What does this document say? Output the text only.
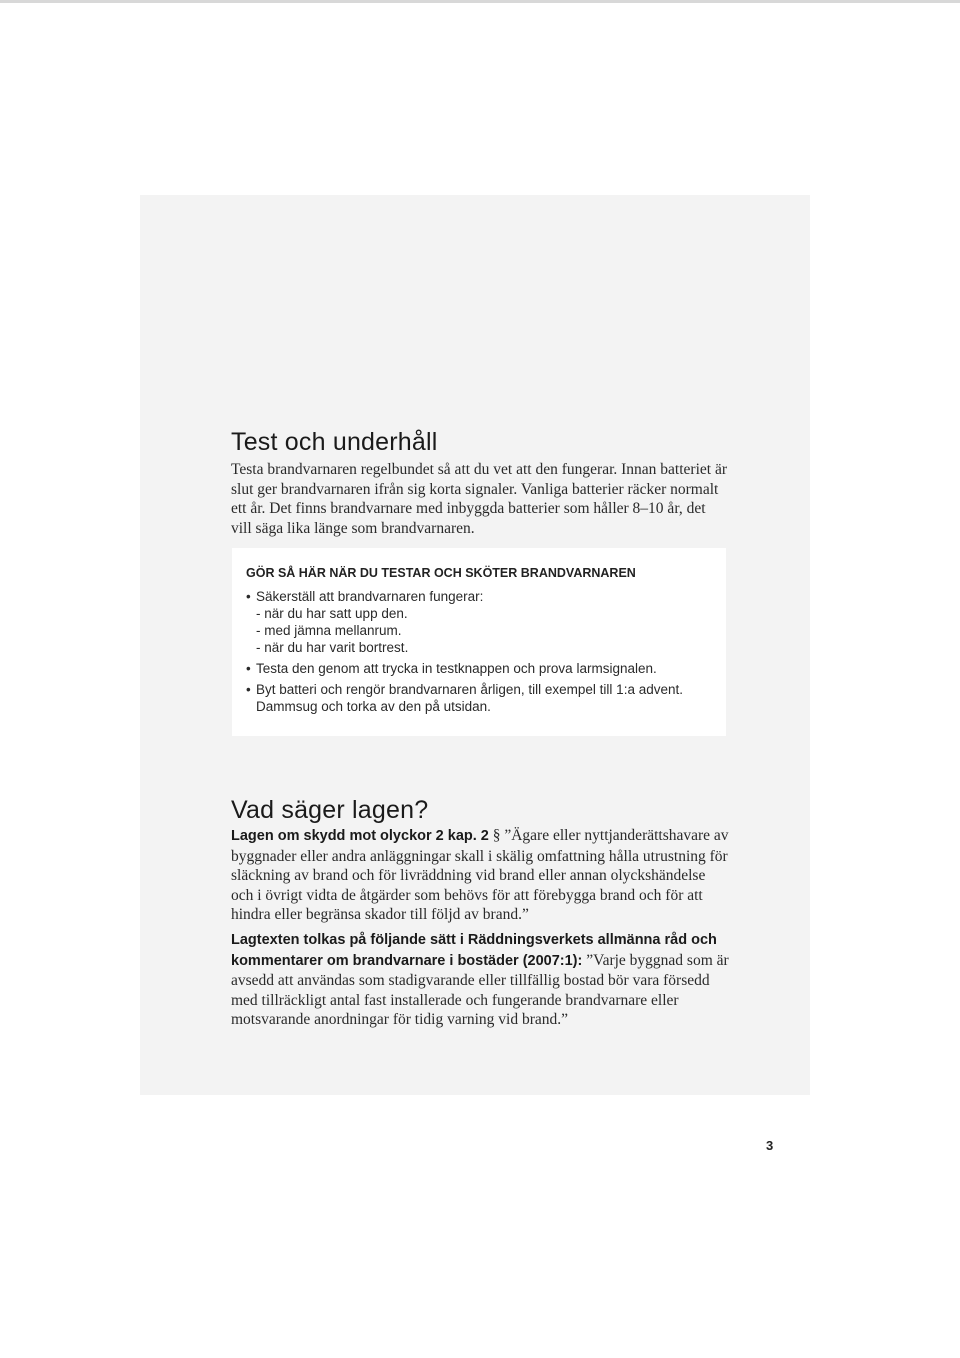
Test och underhåll

Testa brandvarnaren regelbundet så att du vet att den fungerar. Innan batteriet är slut ger brandvarnaren ifrån sig korta signaler. Vanliga batterier räcker normalt ett år. Det finns brandvarnare med inbyggda batterier som håller 8–10 år, det vill säga lika länge som brandvarnaren.

GÖR SÅ HÄR NÄR DU TESTAR OCH SKÖTER BRANDVARNAREN
• Säkerställ att brandvarnaren fungerar:
- när du har satt upp den.
- med jämna mellanrum.
- när du har varit bortrest.
• Testa den genom att trycka in testknappen och prova larmsignalen.
• Byt batteri och rengör brandvarnaren årligen, till exempel till 1:a advent. Dammsug och torka av den på utsidan.
Vad säger lagen?

Lagen om skydd mot olyckor 2 kap. 2 § ”Ägare eller nyttjanderättshavare av byggnader eller andra anläggningar skall i skälig omfattning hålla utrustning för släckning av brand och för livräddning vid brand eller annan olyckshändelse och i övrigt vidta de åtgärder som behövs för att förebygga brand och för att hindra eller begränsa skador till följd av brand.”

Lagtexten tolkas på följande sätt i Räddningsverkets allmänna råd och kommentarer om brandvarnare i bostäder (2007:1): ”Varje byggnad som är avsedd att användas som stadigvarande eller tillfällig bostad bör vara försedd med tillräckligt antal fast installerade och fungerande brandvarnare eller motsvarande anordningar för tidig varning vid brand.”

3
